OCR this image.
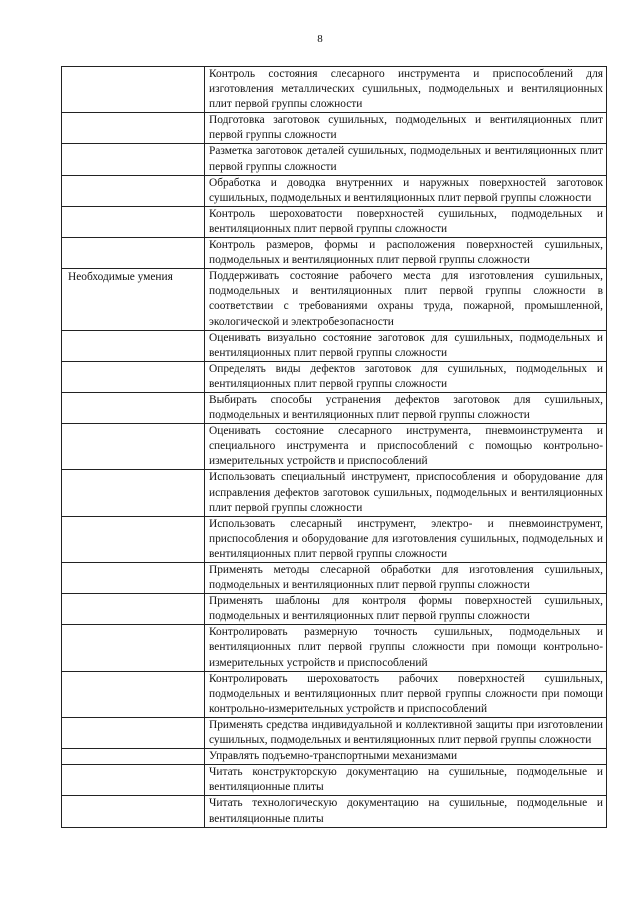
8
	Контроль состояния слесарного инструмента и приспособлений для изготовления металлических сушильных, подмодельных и вентиляционных плит первой группы сложности
	Подготовка заготовок сушильных, подмодельных и вентиляционных плит первой группы сложности
	Разметка заготовок деталей сушильных, подмодельных и вентиляционных плит первой группы сложности
	Обработка и доводка внутренних и наружных поверхностей заготовок сушильных, подмодельных и вентиляционных плит первой группы сложности
	Контроль шероховатости поверхностей сушильных, подмодельных и вентиляционных плит первой группы сложности
	Контроль размеров, формы и расположения поверхностей сушильных, подмодельных и вентиляционных плит первой группы сложности

Необходимые умения	Поддерживать состояние рабочего места для изготовления сушильных, подмодельных и вентиляционных плит первой группы сложности в соответствии с требованиями охраны труда, пожарной, промышленной, экологической и электробезопасности
	Оценивать визуально состояние заготовок для сушильных, подмодельных и вентиляционных плит первой группы сложности
	Определять виды дефектов заготовок для сушильных, подмодельных и вентиляционных плит первой группы сложности
	Выбирать способы устранения дефектов заготовок для сушильных, подмодельных и вентиляционных плит первой группы сложности
	Оценивать состояние слесарного инструмента, пневмоинструмента и специального инструмента и приспособлений с помощью контрольно-измерительных устройств и приспособлений
	Использовать специальный инструмент, приспособления и оборудование для исправления дефектов заготовок сушильных, подмодельных и вентиляционных плит первой группы сложности
	Использовать слесарный инструмент, электро- и пневмоинструмент, приспособления и оборудование для изготовления сушильных, подмодельных и вентиляционных плит первой группы сложности
	Применять методы слесарной обработки для изготовления сушильных, подмодельных и вентиляционных плит первой группы сложности
	Применять шаблоны для контроля формы поверхностей сушильных, подмодельных и вентиляционных плит первой группы сложности
	Контролировать размерную точность сушильных, подмодельных и вентиляционных плит первой группы сложности при помощи контрольно-измерительных устройств и приспособлений
	Контролировать шероховатость рабочих поверхностей сушильных, подмодельных и вентиляционных плит первой группы сложности при помощи контрольно-измерительных устройств и приспособлений
	Применять средства индивидуальной и коллективной защиты при изготовлении сушильных, подмодельных и вентиляционных плит первой группы сложности
	Управлять подъемно-транспортными механизмами
	Читать конструкторскую документацию на сушильные, подмодельные и вентиляционные плиты
	Читать технологическую документацию на сушильные, подмодельные и вентиляционные плиты
